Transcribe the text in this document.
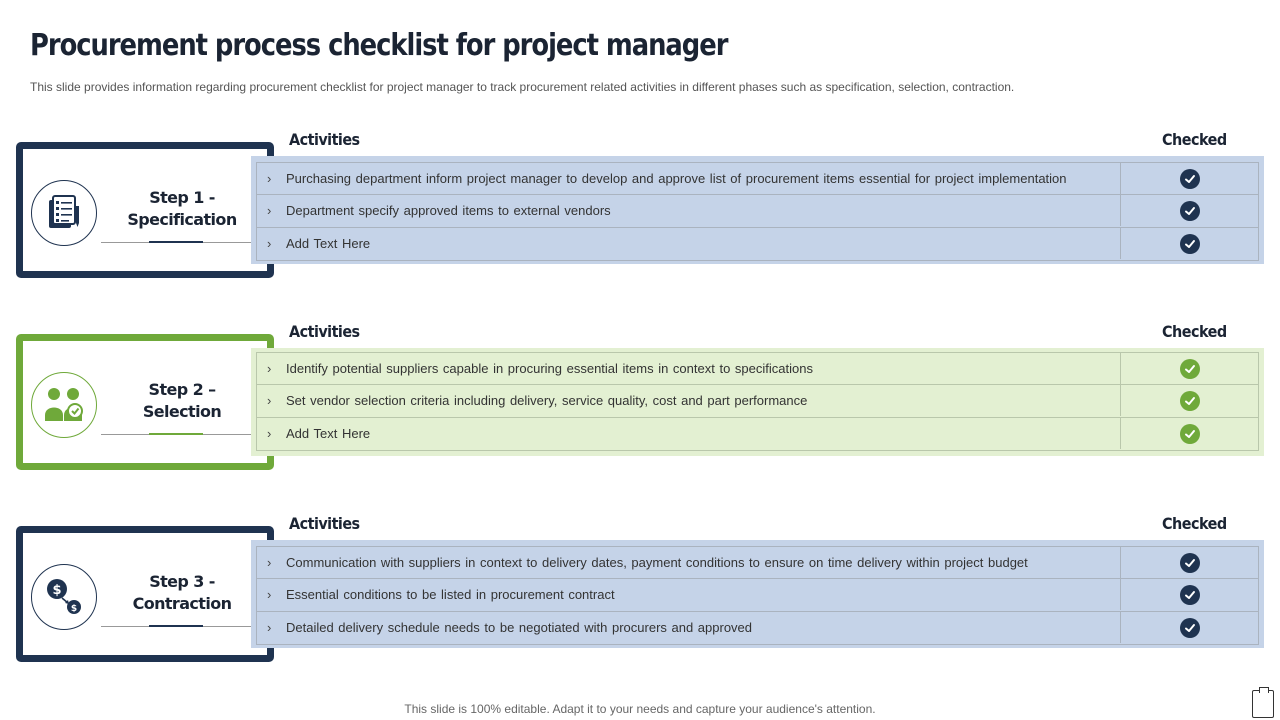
Procurement process checklist for project manager
This slide provides information regarding procurement checklist for project manager to track procurement related activities in different phases such as specification, selection, contraction.
Step 1 -
Specification
Activities	Checked
› Purchasing department inform project manager to develop and approve list of procurement items essential for project implementation
› Department specify approved items to external vendors
› Add Text Here
Step 2 –
Selection
Activities	Checked
› Identify potential suppliers capable in procuring essential items in context to specifications
› Set vendor selection criteria including delivery, service quality, cost and part performance
› Add Text Here
$
$
Step 3 -
Contraction
Activities	Checked
› Communication with suppliers in context to delivery dates, payment conditions to ensure on time delivery within project budget
› Essential conditions to be listed in procurement contract
› Detailed delivery schedule needs to be negotiated with procurers and approved
This slide is 100% editable. Adapt it to your needs and capture your audience's attention.
